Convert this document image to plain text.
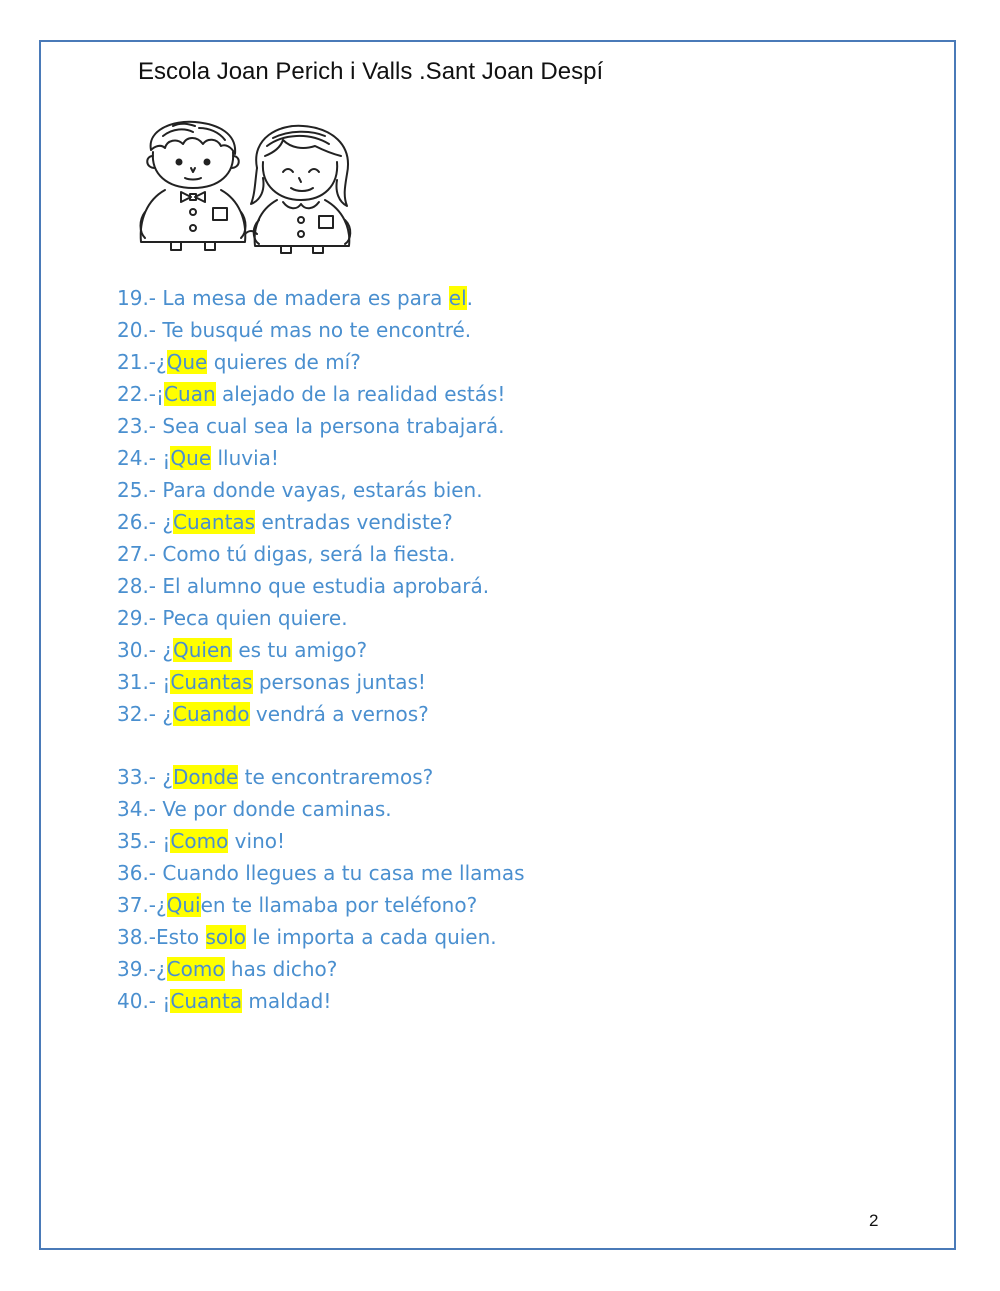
Escola Joan Perich i Valls .Sant Joan Despí
19.- La mesa de madera es para el.
20.- Te busqué mas no te encontré.
21.-¿Que quieres de mí?
22.-¡Cuan alejado de la realidad estás!
23.- Sea cual sea la persona trabajará.
24.- ¡Que lluvia!
25.- Para donde vayas, estarás bien.
26.- ¿Cuantas entradas vendiste?
27.- Como tú digas, será la fiesta.
28.- El alumno que estudia aprobará.
29.- Peca quien quiere.
30.- ¿Quien es tu amigo?
31.- ¡Cuantas personas juntas!
32.- ¿Cuando vendrá a vernos?
33.- ¿Donde te encontraremos?
34.- Ve por donde caminas.
35.- ¡Como vino!
36.- Cuando llegues a tu casa me llamas
37.-¿Quien te llamaba por teléfono?
38.-Esto solo le importa a cada quien.
39.-¿Como has dicho?
40.- ¡Cuanta maldad!
2
